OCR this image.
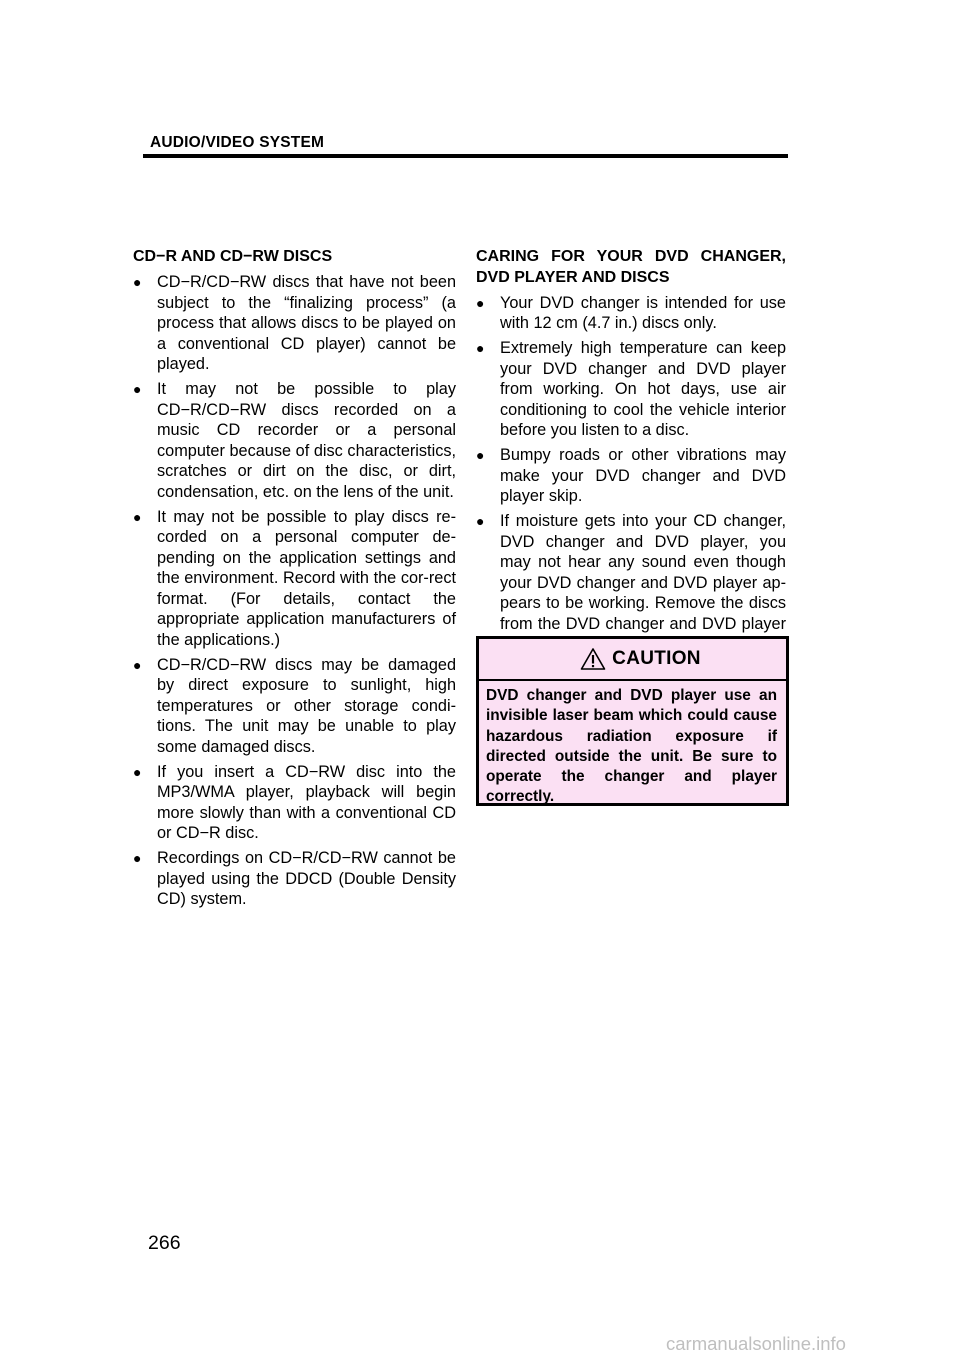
AUDIO/VIDEO SYSTEM
CD−R AND CD−RW DISCS
● CD−R/CD−RW discs that have not been subject to the “finalizing process” (a process that allows discs to be played on a conventional CD player) cannot be played.
● It may not be possible to play CD−R/CD−RW discs recorded on a music CD recorder or a personal computer because of disc characteristics, scratches or dirt on the disc, or dirt, condensation, etc. on the lens of the unit.
● It may not be possible to play discs re-corded on a personal computer de-pending on the application settings and the environment. Record with the cor-rect format. (For details, contact the appropriate application manufacturers of the applications.)
● CD−R/CD−RW discs may be damaged by direct exposure to sunlight, high temperatures or other storage condi-tions. The unit may be unable to play some damaged discs.
● If you insert a CD−RW disc into the MP3/WMA player, playback will begin more slowly than with a conventional CD or CD−R disc.
● Recordings on CD−R/CD−RW cannot be played using the DDCD (Double Density CD) system.
CARING FOR YOUR DVD CHANGER, DVD PLAYER AND DISCS
● Your DVD changer is intended for use with 12 cm (4.7 in.) discs only.
● Extremely high temperature can keep your DVD changer and DVD player from working. On hot days, use air conditioning to cool the vehicle interior before you listen to a disc.
● Bumpy roads or other vibrations may make your DVD changer and DVD player skip.
● If moisture gets into your CD changer, DVD changer and DVD player, you may not hear any sound even though your DVD changer and DVD player ap-pears to be working. Remove the discs from the DVD changer and DVD player
CAUTION
DVD changer and DVD player use an invisible laser beam which could cause hazardous radiation exposure if directed outside the unit. Be sure to operate the changer and player correctly.
266
carmanualsonline.info
